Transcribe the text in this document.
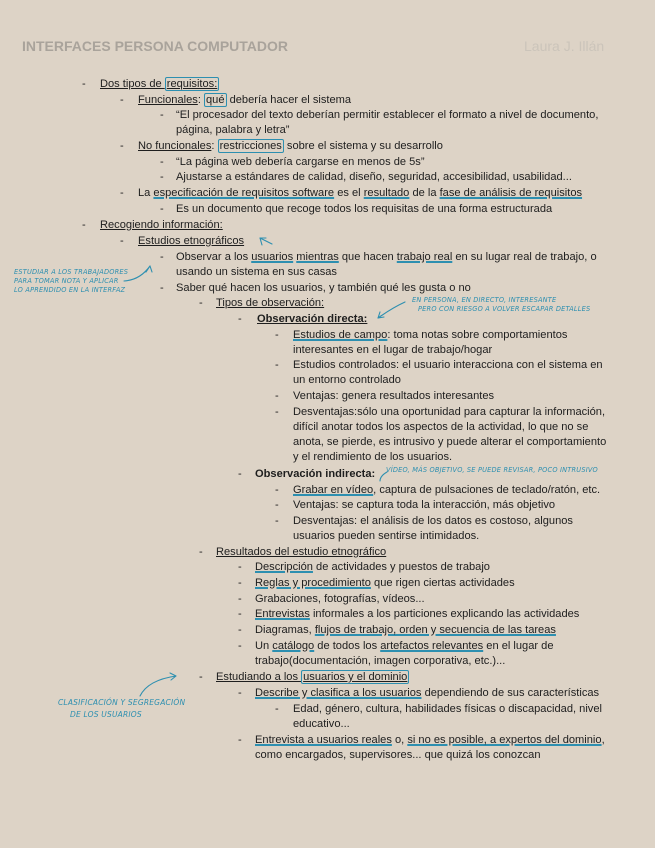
INTERFACES PERSONA COMPUTADOR	Laura J. Illán
- Dos tipos de requisitos:
- Funcionales: qué debería hacer el sistema
- “El procesador del texto deberían permitir establecer el formato a nivel de documento,
página, palabra y letra”
- No funcionales: restricciones sobre el sistema y su desarrollo
- “La página web debería cargarse en menos de 5s”
- Ajustarse a estándares de calidad, diseño, seguridad, accesibilidad, usabilidad...
- La especificación de requisitos software es el resultado de la fase de análisis de requisitos
- Es un documento que recoge todos los requisitas de una forma estructurada
- Recogiendo información:
- Estudios etnográficos
- Observar a los usuarios mientras que hacen trabajo real en su lugar real de trabajo, o
usando un sistema en sus casas
- Saber qué hacen los usuarios, y también qué les gusta o no
- Tipos de observación:
- Observación directa:
- Estudios de campo: toma notas sobre comportamientos
interesantes en el lugar de trabajo/hogar
- Estudios controlados: el usuario interacciona con el sistema en
un entorno controlado
- Ventajas: genera resultados interesantes
- Desventajas:sólo una oportunidad para capturar la información,
difícil anotar todos los aspectos de la actividad, lo que no se
anota, se pierde, es intrusivo y puede alterar el comportamiento
y el rendimiento de los usuarios.
- Observación indirecta:
- Grabar en vídeo, captura de pulsaciones de teclado/ratón, etc.
- Ventajas: se captura toda la interacción, más objetivo
- Desventajas: el análisis de los datos es costoso, algunos
usuarios pueden sentirse intimidados.
- Resultados del estudio etnográfico
- Descripción de actividades y puestos de trabajo
- Reglas y procedimiento que rigen ciertas actividades
- Grabaciones, fotografías, vídeos...
- Entrevistas informales a los particiones explicando las actividades
- Diagramas, flujos de trabajo, orden y secuencia de las tareas
- Un catálogo de todos los artefactos relevantes en el lugar de
trabajo(documentación, imagen corporativa, etc.)...
- Estudiando a los usuarios y el dominio
- Describe y clasifica a los usuarios dependiendo de sus características
- Edad, género, cultura, habilidades físicas o discapacidad, nivel
educativo...
- Entrevista a usuarios reales o, si no es posible, a expertos del dominio,
como encargados, supervisores... que quizá los conozcan
ESTUDIAR A LOS TRABAJADORES
PARA TOMAR NOTA Y APLICAR
LO APRENDIDO EN LA INTERFAZ
EN PERSONA, EN DIRECTO, INTERESANTE
PERO CON RIESGO A VOLVER ESCAPAR DETALLES
VÍDEO, MÁS OBJETIVO, SE PUEDE REVISAR, POCO INTRUSIVO
CLASIFICACIÓN Y SEGREGACIÓN
DE LOS USUARIOS
